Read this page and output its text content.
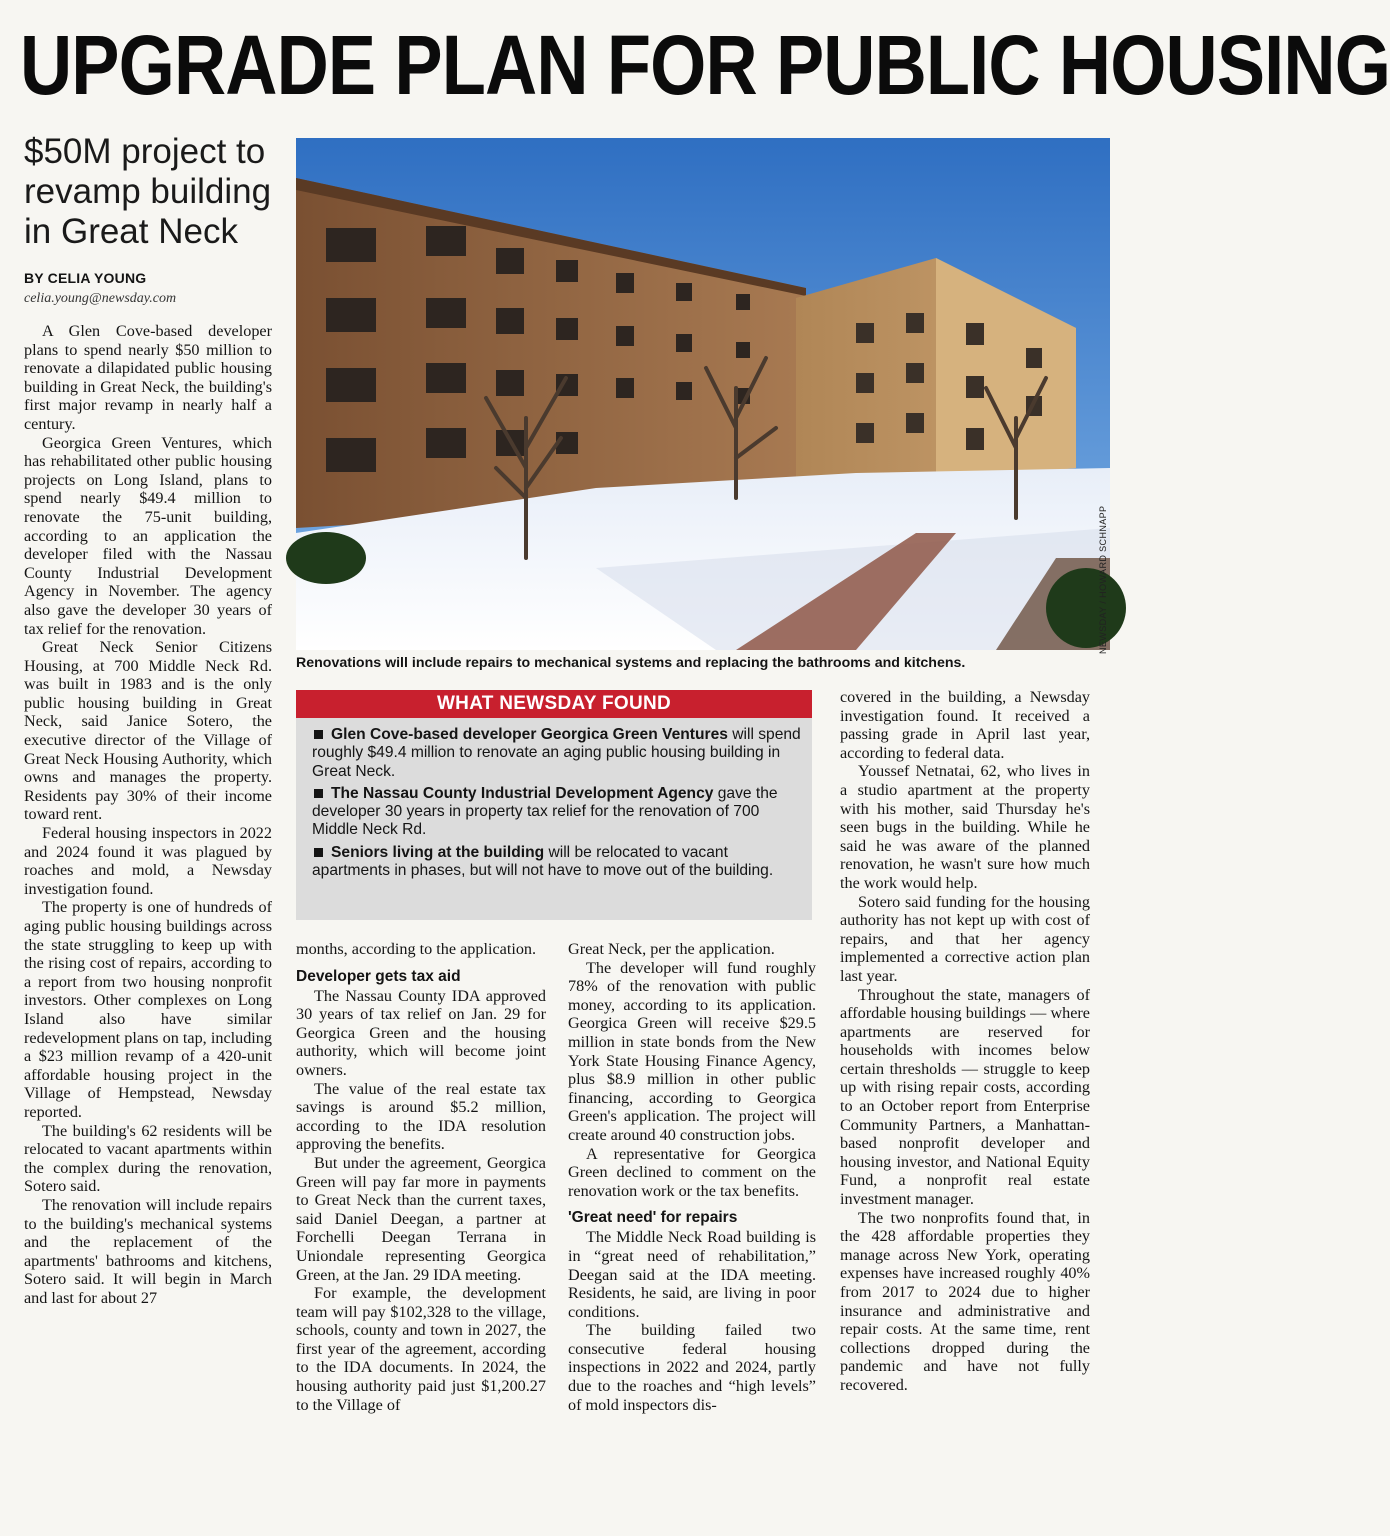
UPGRADE PLAN FOR PUBLIC HOUSING
$50M project to revamp building in Great Neck
BY CELIA YOUNG
celia.young@newsday.com
NEWSDAY / HOWARD SCHNAPP
Renovations will include repairs to mechanical systems and replacing the bathrooms and kitchens.
WHAT NEWSDAY FOUND
Glen Cove-based developer Georgica Green Ventures will spend roughly $49.4 million to renovate an aging public housing building in Great Neck.
The Nassau County Industrial Development Agency gave the developer 30 years in property tax relief for the renovation of 700 Middle Neck Rd.
Seniors living at the building will be relocated to vacant apartments in phases, but will not have to move out of the building.

A Glen Cove-based developer plans to spend nearly $50 million to renovate a dilapidated public housing building in Great Neck, the building's first major revamp in nearly half a century.

Georgica Green Ventures, which has rehabilitated other public housing projects on Long Island, plans to spend nearly $49.4 million to renovate the 75-unit building, according to an application the developer filed with the Nassau County Industrial Development Agency in November. The agency also gave the developer 30 years of tax relief for the renovation.

Great Neck Senior Citizens Housing, at 700 Middle Neck Rd. was built in 1983 and is the only public housing building in Great Neck, said Janice Sotero, the executive director of the Village of Great Neck Housing Authority, which owns and manages the property. Residents pay 30% of their income toward rent.

Federal housing inspectors in 2022 and 2024 found it was plagued by roaches and mold, a Newsday investigation found.

The property is one of hundreds of aging public housing buildings across the state struggling to keep up with the rising cost of repairs, according to a report from two housing nonprofit investors. Other complexes on Long Island also have similar redevelopment plans on tap, including a $23 million revamp of a 420-unit affordable housing project in the Village of Hempstead, Newsday reported.

The building's 62 residents will be relocated to vacant apartments within the complex during the renovation, Sotero said.

The renovation will include repairs to the building's mechanical systems and the replacement of the apartments' bathrooms and kitchens, Sotero said. It will begin in March and last for about 27

months, according to the application.

Developer gets tax aid

The Nassau County IDA approved 30 years of tax relief on Jan. 29 for Georgica Green and the housing authority, which will become joint owners.

The value of the real estate tax savings is around $5.2 million, according to the IDA resolution approving the benefits.

But under the agreement, Georgica Green will pay far more in payments to Great Neck than the current taxes, said Daniel Deegan, a partner at Forchelli Deegan Terrana in Uniondale representing Georgica Green, at the Jan. 29 IDA meeting.

For example, the development team will pay $102,328 to the village, schools, county and town in 2027, the first year of the agreement, according to the IDA documents. In 2024, the housing authority paid just $1,200.27 to the Village of

Great Neck, per the application.

The developer will fund roughly 78% of the renovation with public money, according to its application. Georgica Green will receive $29.5 million in state bonds from the New York State Housing Finance Agency, plus $8.9 million in other public financing, according to Georgica Green's application. The project will create around 40 construction jobs.

A representative for Georgica Green declined to comment on the renovation work or the tax benefits.

'Great need' for repairs

The Middle Neck Road building is in “great need of rehabilitation,” Deegan said at the IDA meeting. Residents, he said, are living in poor conditions.

The building failed two consecutive federal housing inspections in 2022 and 2024, partly due to the roaches and “high levels” of mold inspectors dis-

covered in the building, a Newsday investigation found. It received a passing grade in April last year, according to federal data.

Youssef Netnatai, 62, who lives in a studio apartment at the property with his mother, said Thursday he's seen bugs in the building. While he said he was aware of the planned renovation, he wasn't sure how much the work would help.

Sotero said funding for the housing authority has not kept up with cost of repairs, and that her agency implemented a corrective action plan last year.

Throughout the state, managers of affordable housing buildings — where apartments are reserved for households with incomes below certain thresholds — struggle to keep up with rising repair costs, according to an October report from Enterprise Community Partners, a Manhattan-based nonprofit developer and housing investor, and National Equity Fund, a nonprofit real estate investment manager.

The two nonprofits found that, in the 428 affordable properties they manage across New York, operating expenses have increased roughly 40% from 2017 to 2024 due to higher insurance and administrative and repair costs. At the same time, rent collections dropped during the pandemic and have not fully recovered.
